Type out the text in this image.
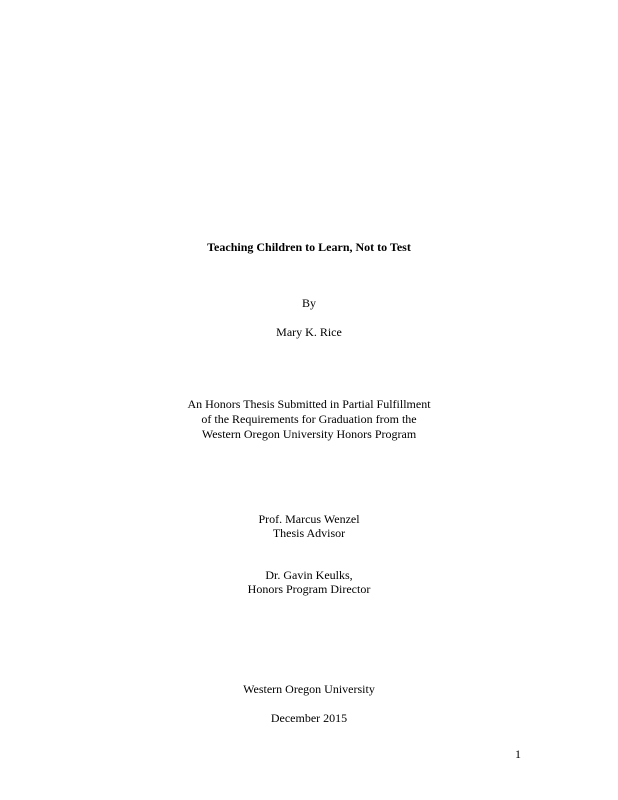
Teaching Children to Learn, Not to Test
By
Mary K. Rice
An Honors Thesis Submitted in Partial Fulfillment
of the Requirements for Graduation from the
Western Oregon University Honors Program
Prof. Marcus Wenzel
Thesis Advisor
Dr. Gavin Keulks,
Honors Program Director
Western Oregon University
December 2015
1
